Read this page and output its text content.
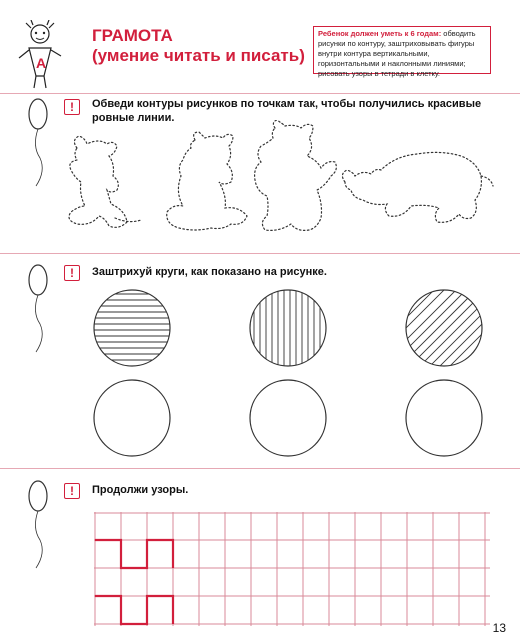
A
ГРАМОТА
(умение читать и писать)
Ребенок должен уметь к 6 годам: обводить рисунки по контуру, заштриховывать фигуры внутри контура вертикальными, горизонтальными и наклонными линиями; рисовать узоры в тетради в клетку.
!	Обведи контуры рисунков по точкам так, чтобы получились красивые ровные линии.
!	Заштрихуй круги, как показано на рисунке.
!	Продолжи узоры.
13
